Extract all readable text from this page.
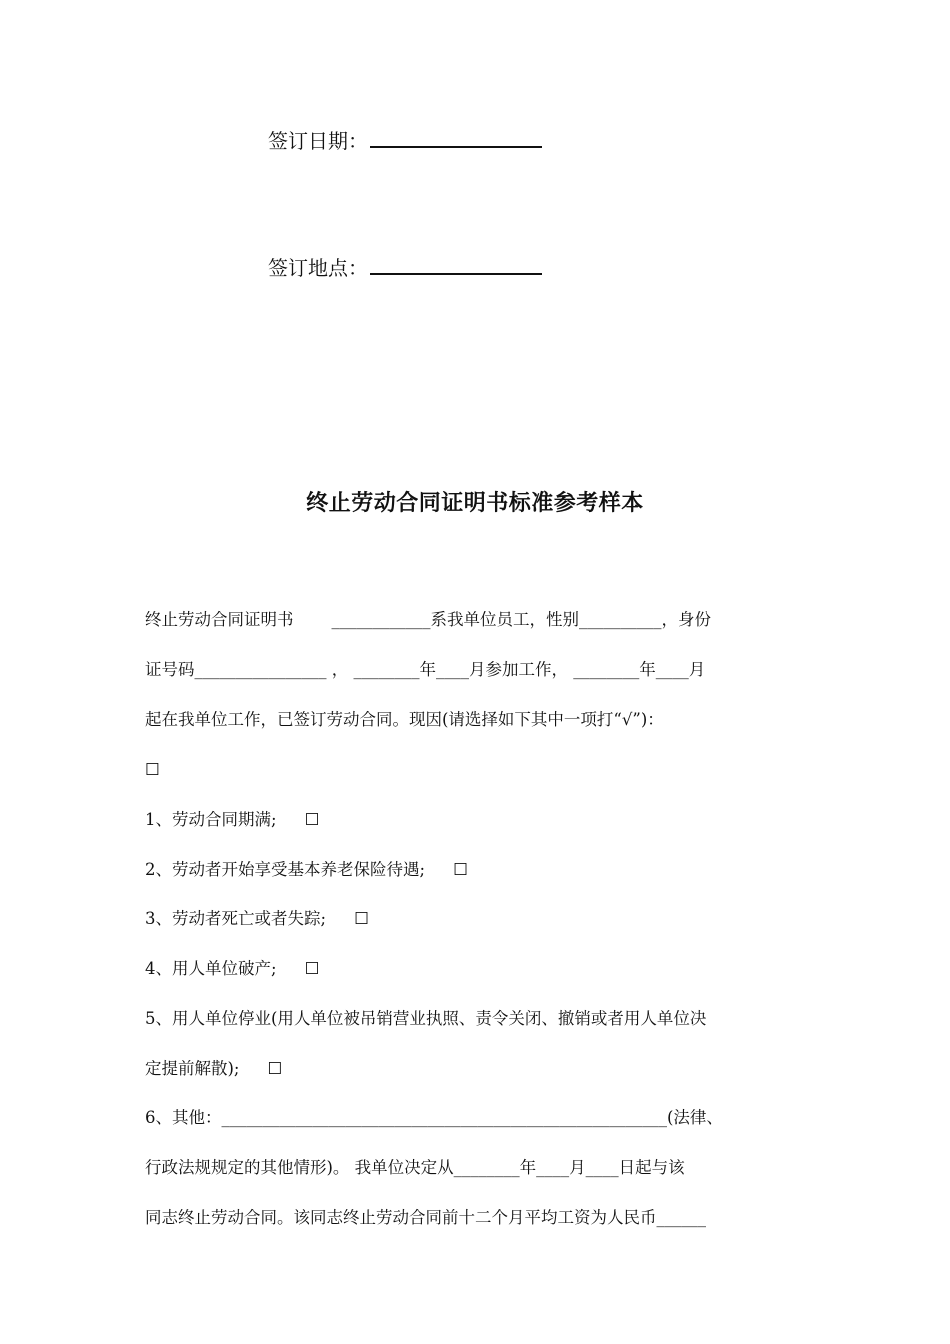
签订日期：
签订地点：
终止劳动合同证明书标准参考样本
终止劳动合同证明书 ____________系我单位员工，性别__________，身份
证号码________________ ， ________年____月参加工作， ________年____月
起在我单位工作，已签订劳动合同。现因(请选择如下其中一项打“√”)：
☐
1、劳动合同期满; ☐
2、劳动者开始享受基本养老保险待遇; ☐
3、劳动者死亡或者失踪; ☐
4、用人单位破产; ☐
5、用人单位停业(用人单位被吊销营业执照、责令关闭、撤销或者用人单位决
定提前解散); ☐
6、其他：______________________________________________________(法律、
行政法规规定的其他情形)。 我单位决定从________年____月____日起与该
同志终止劳动合同。该同志终止劳动合同前十二个月平均工资为人民币______
